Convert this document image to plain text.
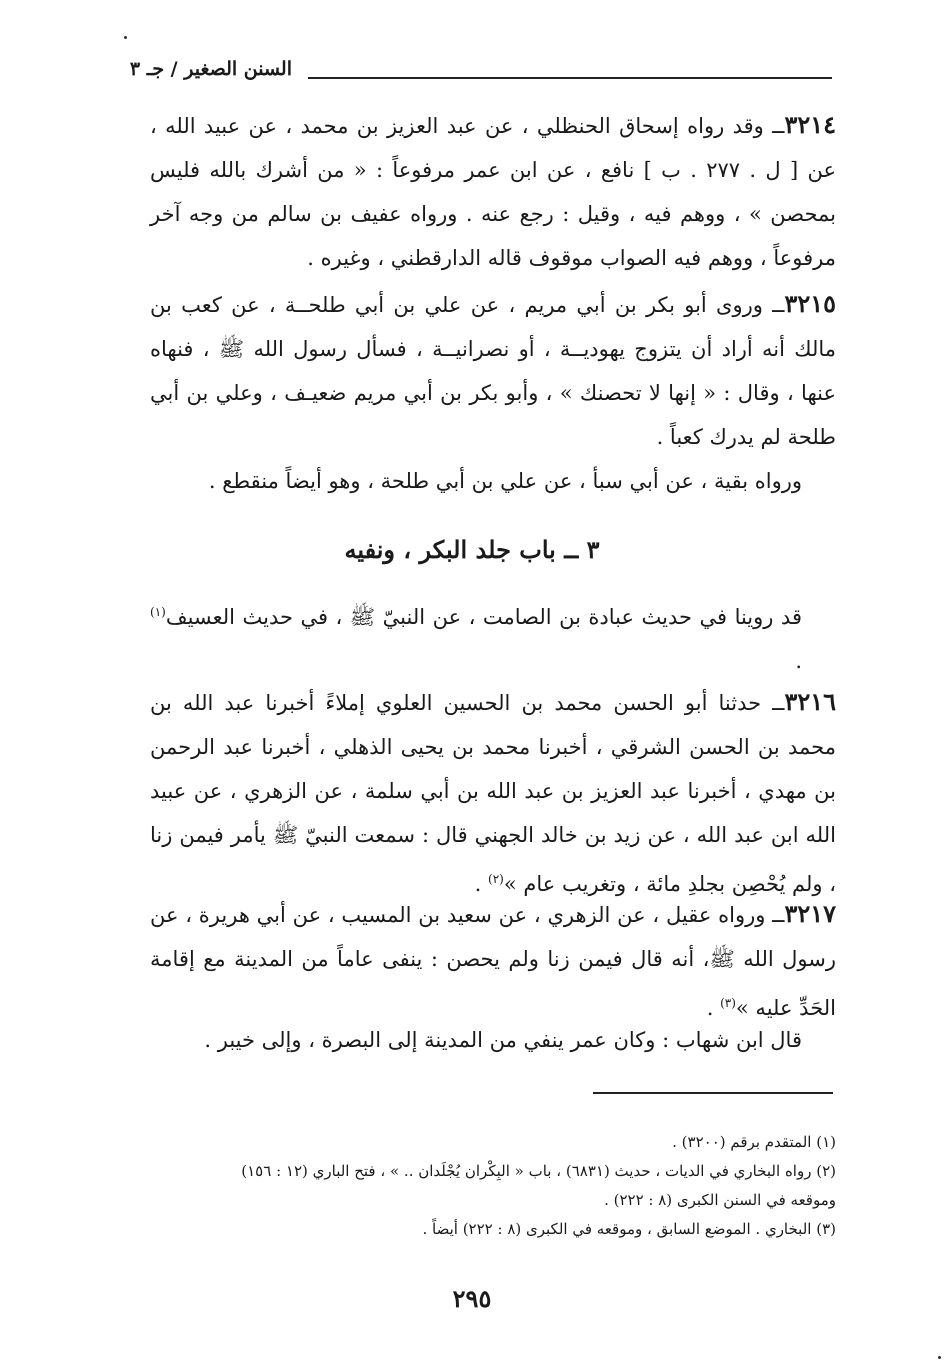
السنن الصغير / جـ ٣
٣٢١٤ــ وقد رواه إسحاق الحنظلي ، عن عبد العزيز بن محمد ، عن عبيد الله ، عن [ ل . ٢٧٧ . ب ] نافع ، عن ابن عمر مرفوعاً : « من أشرك بالله فليس بمحصن » ، ووهم فيه ، وقيل : رجع عنه . ورواه عفيف بن سالم من وجه آخر مرفوعاً ، ووهم فيه الصواب موقوف قاله الدارقطني ، وغيره .
٣٢١٥ــ وروى أبو بكر بن أبي مريم ، عن علي بن أبي طلحــة ، عن كعب بن مالك أنه أراد أن يتزوج يهوديــة ، أو نصرانيــة ، فسأل رسول الله ﷺ ، فنهاه عنها ، وقال : « إنها لا تحصنك » ، وأبو بكر بن أبي مريم ضعيـف ، وعلي بن أبي طلحة لم يدرك كعباً .
ورواه بقية ، عن أبي سبأ ، عن علي بن أبي طلحة ، وهو أيضاً منقطع .
٣ ــ باب جلد البكر ، ونفيه
قد روينا في حديث عبادة بن الصامت ، عن النبيّ ﷺ ، في حديث العسيف$^{(١)}$ .
٣٢١٦ــ حدثنا أبو الحسن محمد بن الحسين العلوي إملاءً أخبرنا عبد الله بن محمد بن الحسن الشرقي ، أخبرنا محمد بن يحيى الذهلي ، أخبرنا عبد الرحمن بن مهدي ، أخبرنا عبد العزيز بن عبد الله بن أبي سلمة ، عن الزهري ، عن عبيد الله ابن عبد الله ، عن زيد بن خالد الجهني قال : سمعت النبيّ ﷺ يأمر فيمن زنا ، ولم يُحْصِن بجلدِ مائة ، وتغريب عام »$^{(٢)}$ .
٣٢١٧ــ ورواه عقيل ، عن الزهري ، عن سعيد بن المسيب ، عن أبي هريرة ، عن رسول الله ﷺ، أنه قال فيمن زنا ولم يحصن : ينفى عاماً من المدينة مع إقامة الحَدِّ عليه »$^{(٣)}$ .
قال ابن شهاب : وكان عمر ينفي من المدينة إلى البصرة ، وإلى خيبر .
(١) المتقدم برقم (٣٢٠٠) .
(٢) رواه البخاري في الديات ، حديث (٦٨٣١) ، باب « البِكْران يُجْلَدان .. » ، فتح الباري (١٢ : ١٥٦)
وموقعه في السنن الكبرى (٨ : ٢٢٢) .
(٣) البخاري . الموضع السابق ، وموقعه في الكبرى (٨ : ٢٢٢) أيضاً .
٢٩٥
